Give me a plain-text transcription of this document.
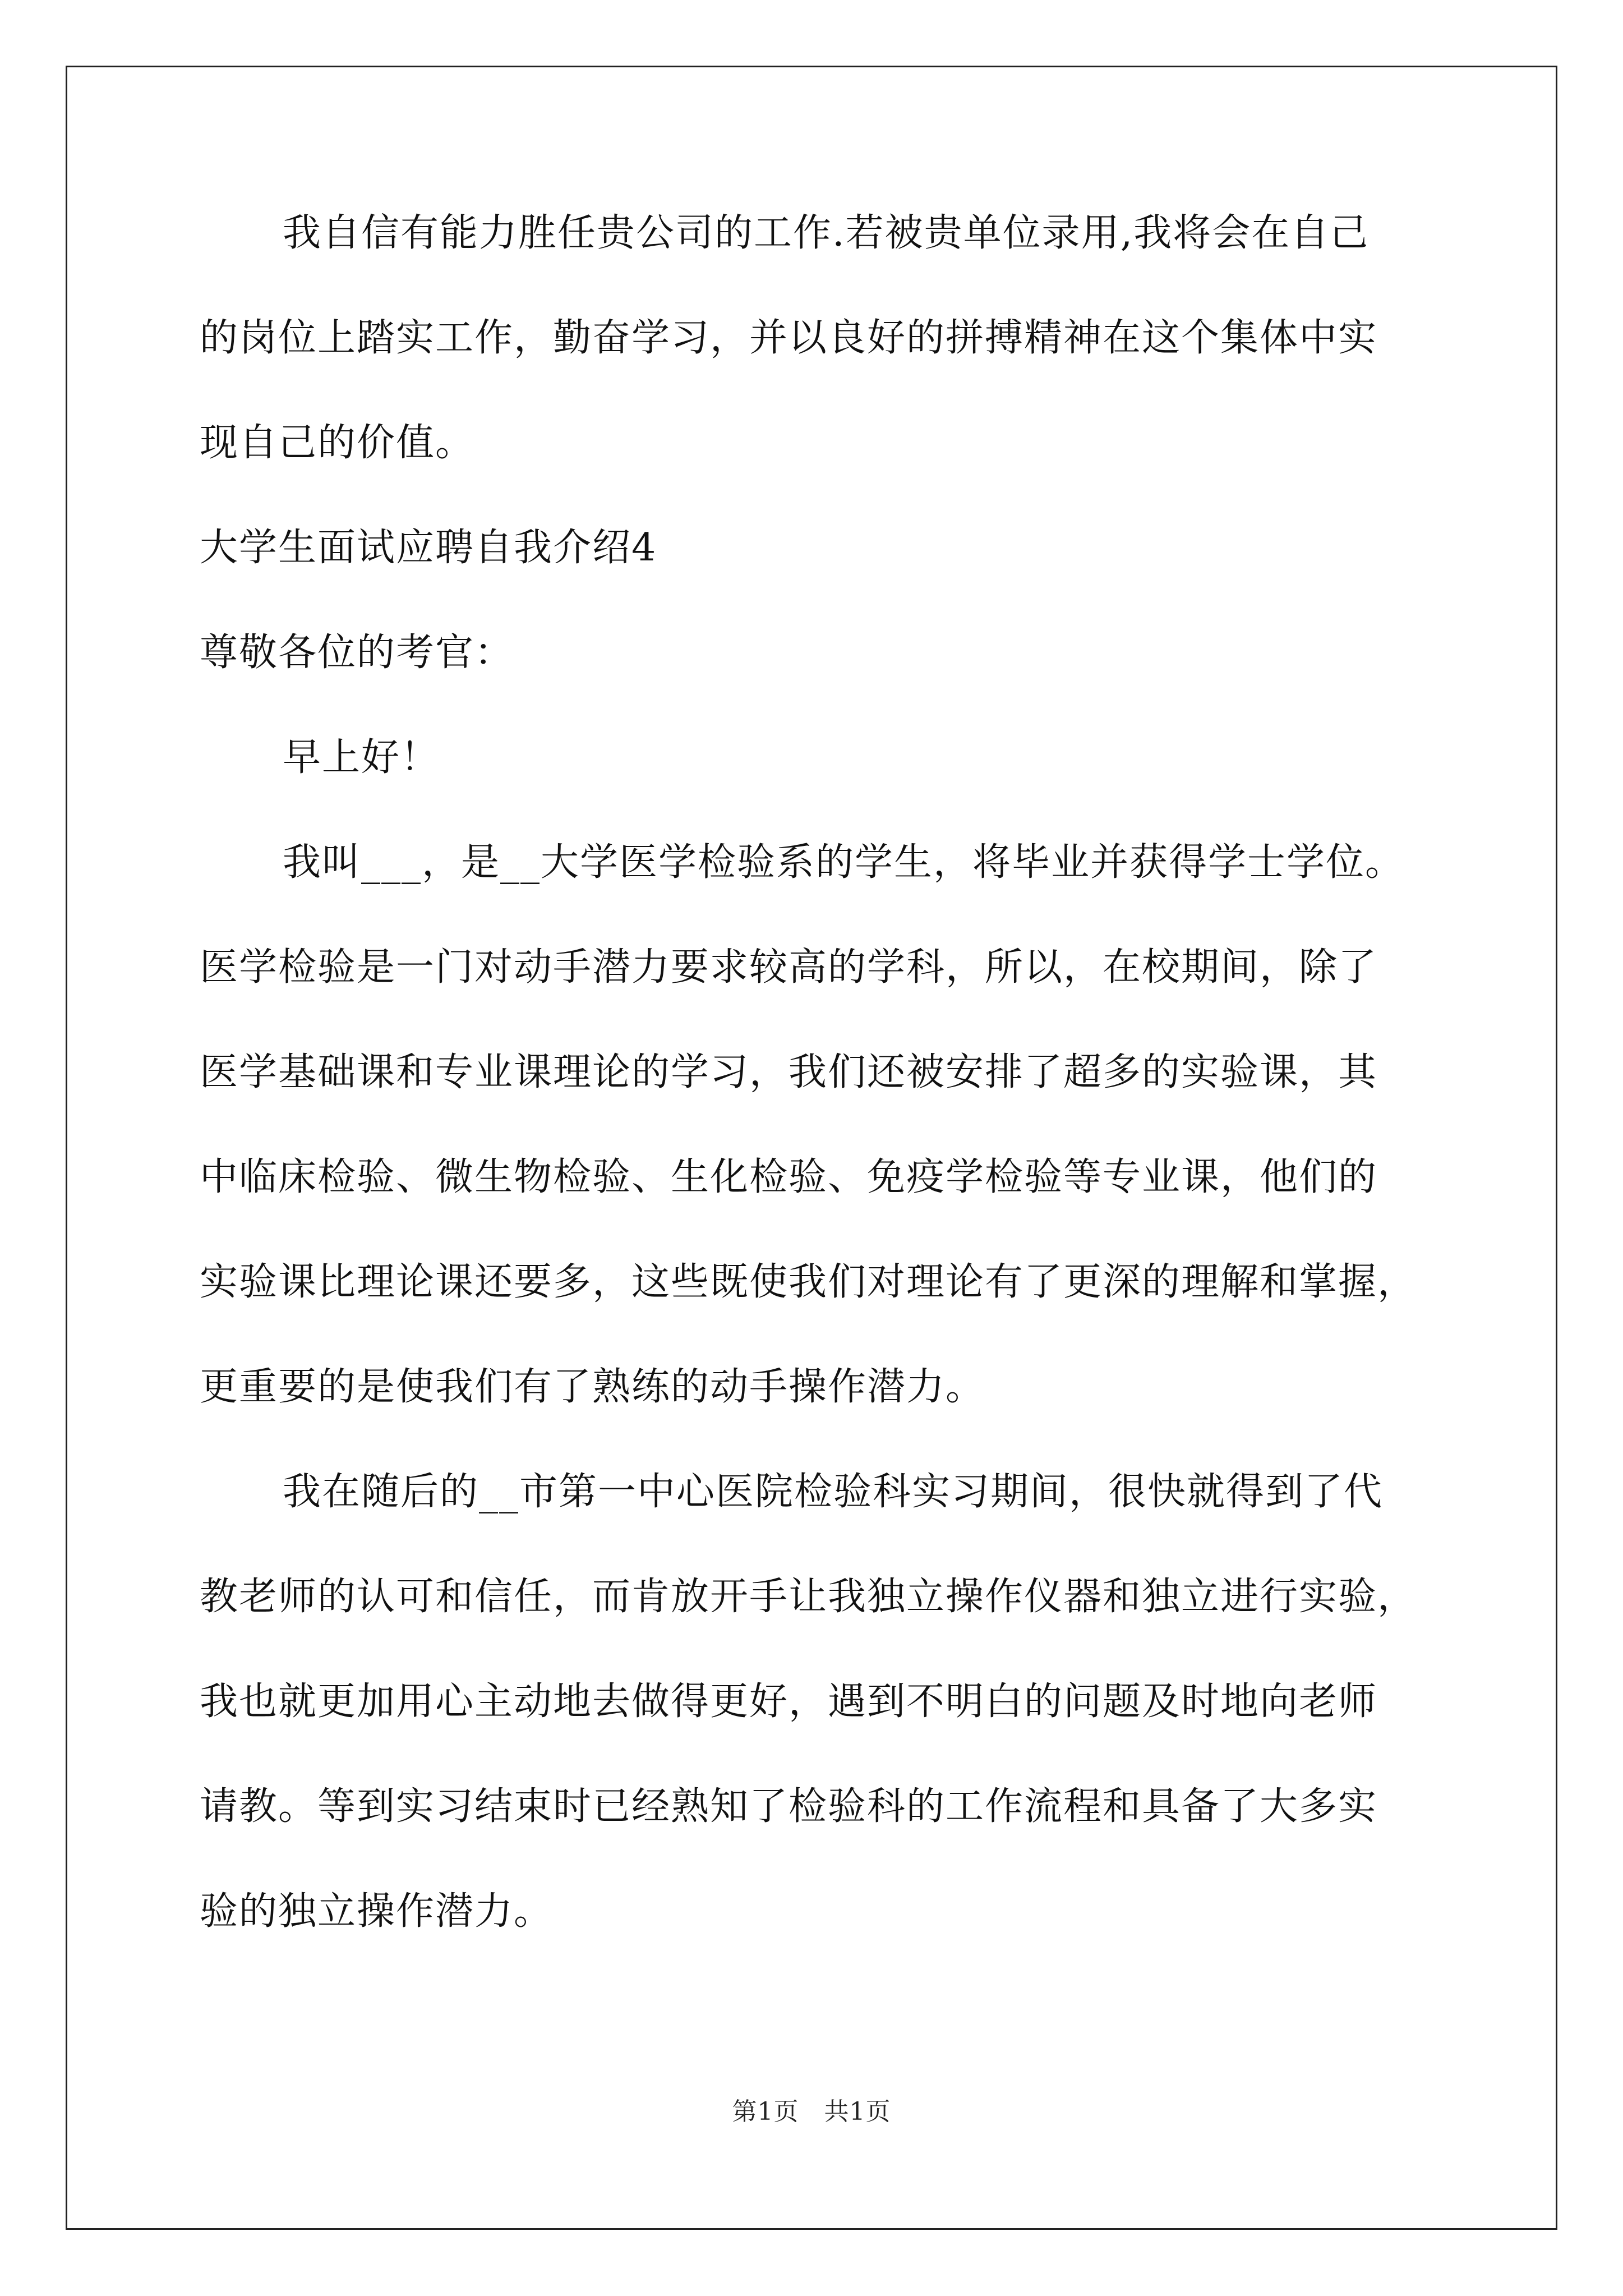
我自信有能力胜任贵公司的工作.若被贵单位录用,我将会在自己
的岗位上踏实工作，勤奋学习，并以良好的拼搏精神在这个集体中实
现自己的价值。
大学生面试应聘自我介绍4
尊敬各位的考官：
早上好！
我叫___，是__大学医学检验系的学生，将毕业并获得学士学位。
医学检验是一门对动手潜力要求较高的学科，所以，在校期间，除了
医学基础课和专业课理论的学习，我们还被安排了超多的实验课，其
中临床检验、微生物检验、生化检验、免疫学检验等专业课，他们的
实验课比理论课还要多，这些既使我们对理论有了更深的理解和掌握，
更重要的是使我们有了熟练的动手操作潜力。
我在随后的__市第一中心医院检验科实习期间，很快就得到了代
教老师的认可和信任，而肯放开手让我独立操作仪器和独立进行实验，
我也就更加用心主动地去做得更好，遇到不明白的问题及时地向老师
请教。等到实习结束时已经熟知了检验科的工作流程和具备了大多实
验的独立操作潜力。
第1页　共1页
